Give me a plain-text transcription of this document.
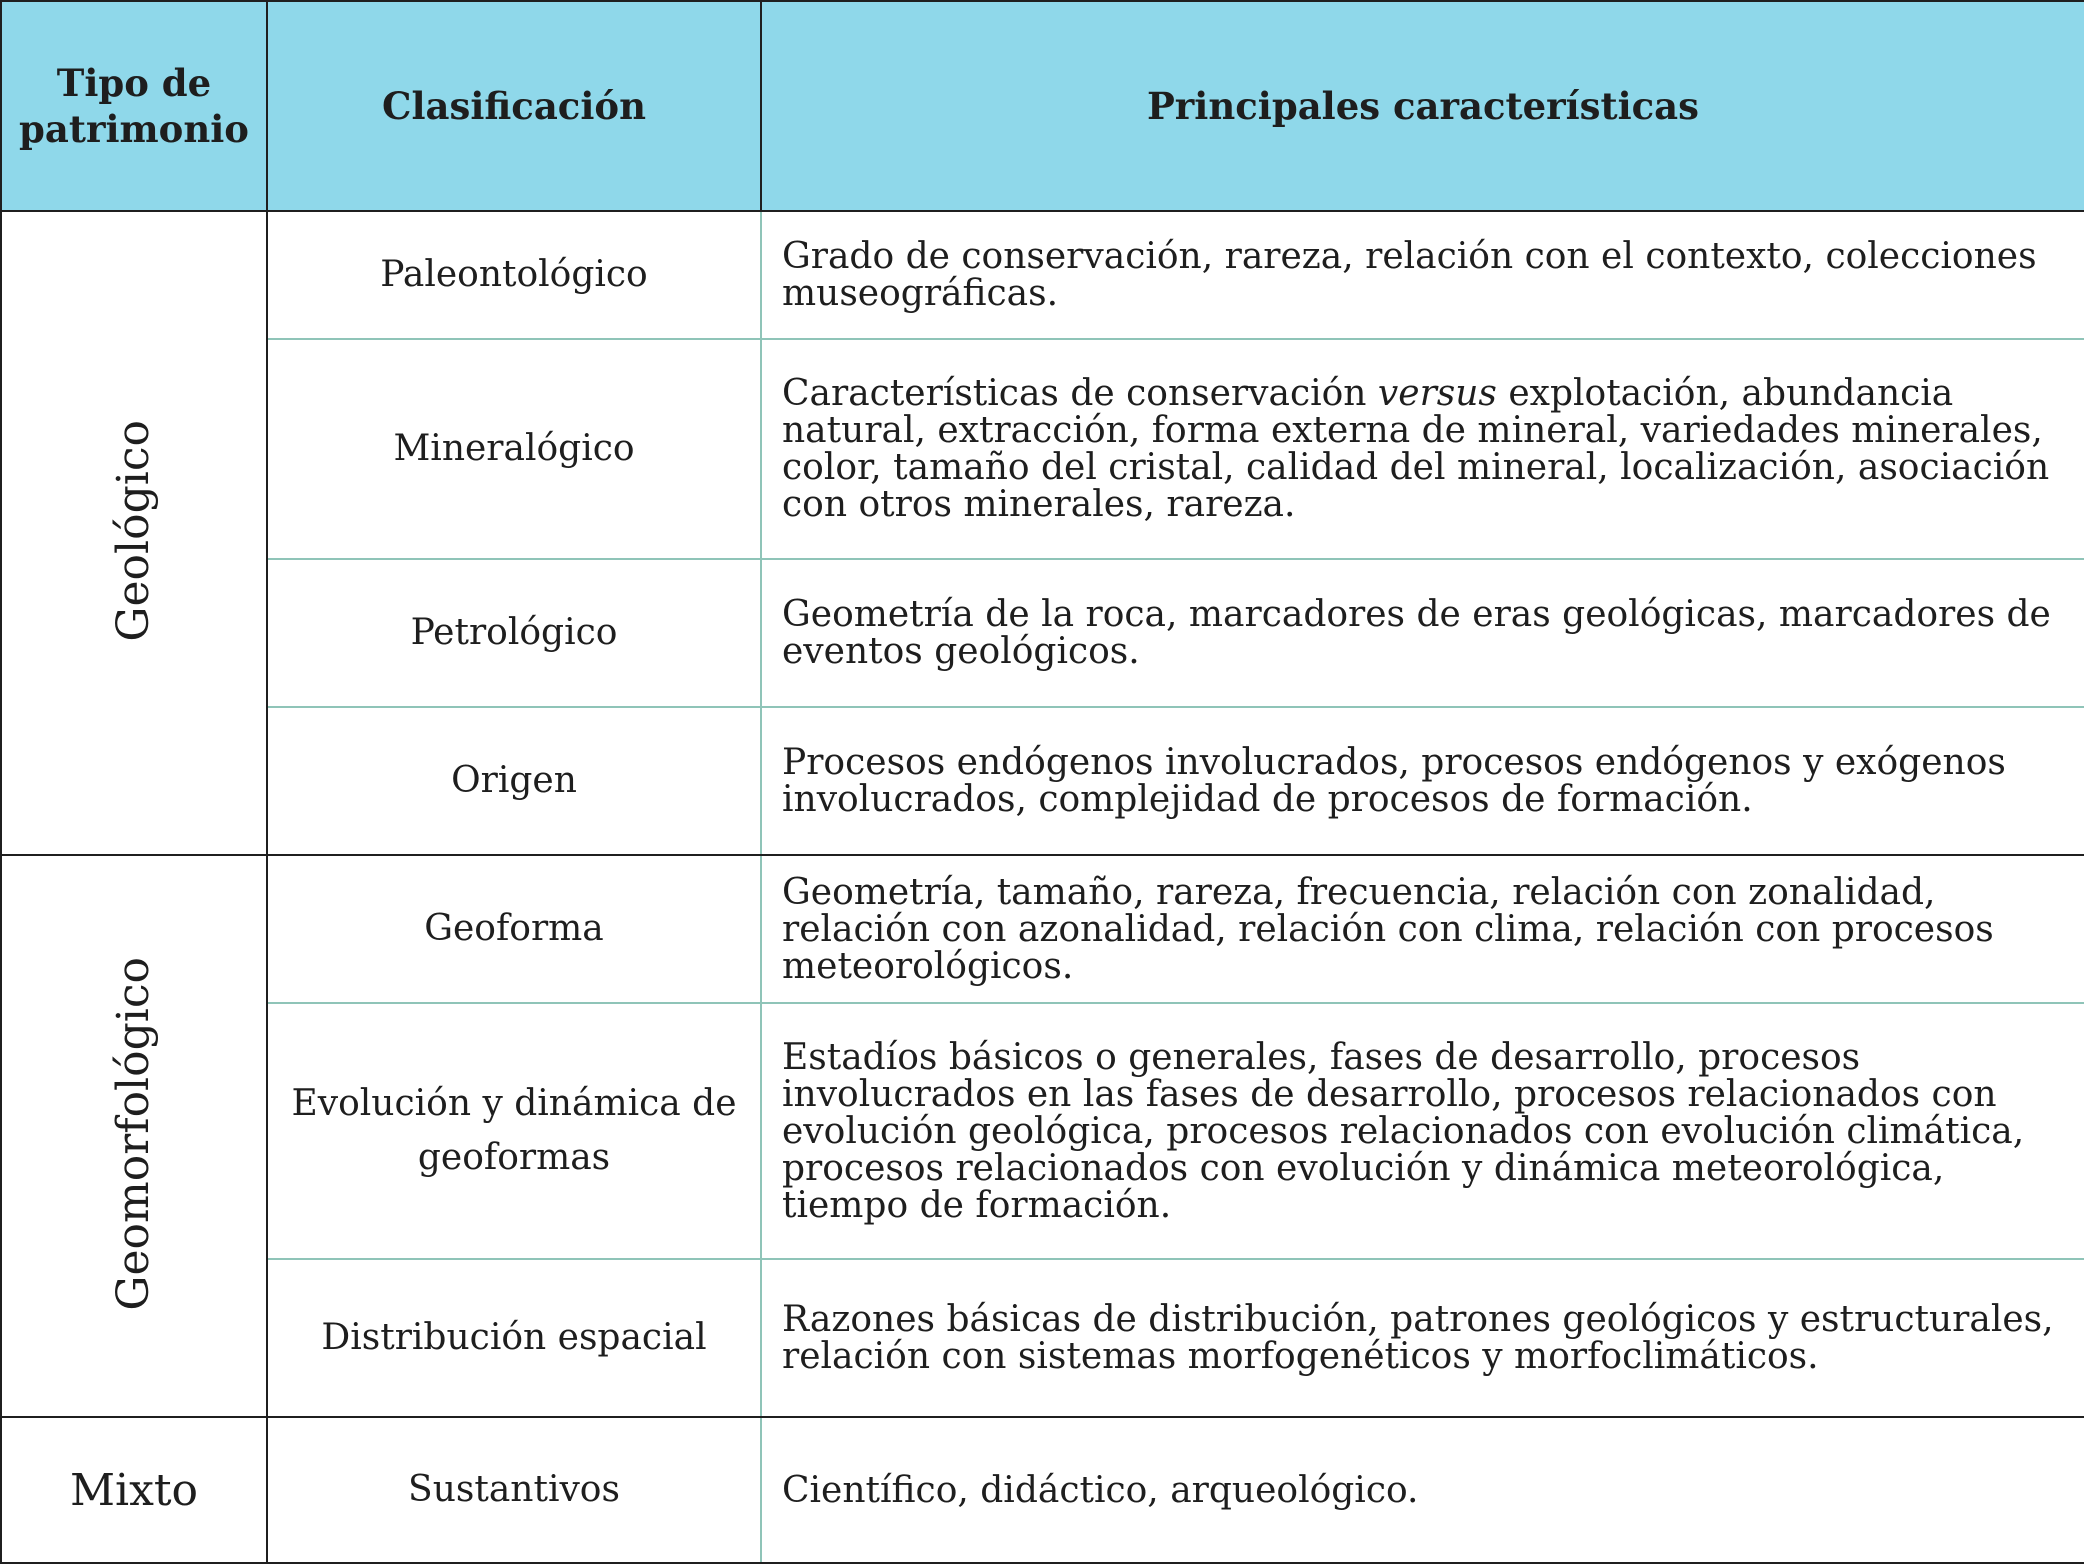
Tipo de patrimonio	Clasificación	Principales características
Geológico	Paleontológico	Grado de conservación, rareza, relación con el contexto, colecciones museográficas.
	Mineralógico	Características de conservación versus explotación, abundancia natural, extracción, forma externa de mineral, variedades minerales, color, tamaño del cristal, calidad del mineral, localización, asociación con otros minerales, rareza.
	Petrológico	Geometría de la roca, marcadores de eras geológicas, marcadores de eventos geológicos.
	Origen	Procesos endógenos involucrados, procesos endógenos y exógenos involucrados, complejidad de procesos de formación.
Geomorfológico	Geoforma	Geometría, tamaño, rareza, frecuencia, relación con zonalidad, relación con azonalidad, relación con clima, relación con procesos meteorológicos.
	Evolución y dinámica de geoformas	Estadíos básicos o generales, fases de desarrollo, procesos involucrados en las fases de desarrollo, procesos relacionados con evolución geológica, procesos relacionados con evolución climática, procesos relacionados con evolución y dinámica meteorológica, tiempo de formación.
	Distribución espacial	Razones básicas de distribución, patrones geológicos y estructurales, relación con sistemas morfogenéticos y morfoclimáticos.
Mixto	Sustantivos	Científico, didáctico, arqueológico.
